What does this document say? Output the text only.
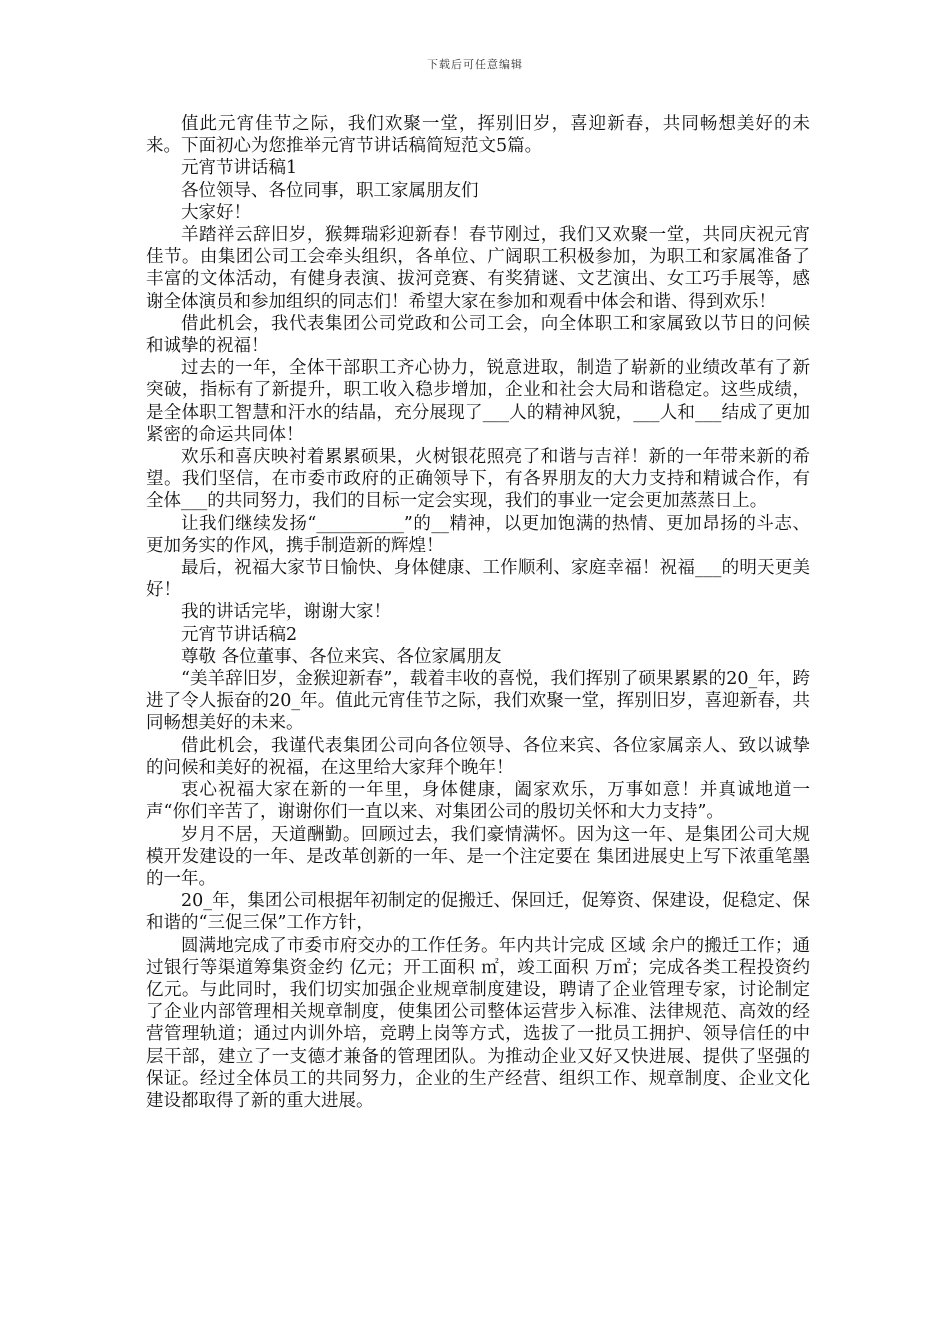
下载后可任意编辑

值此元宵佳节之际，我们欢聚一堂，挥别旧岁，喜迎新春，共同畅想美好的未来。下面初心为您推举元宵节讲话稿简短范文5篇。

元宵节讲话稿1

各位领导、各位同事，职工家属朋友们

大家好！

羊踏祥云辞旧岁，猴舞瑞彩迎新春！春节刚过，我们又欢聚一堂，共同庆祝元宵佳节。由集团公司工会牵头组织，各单位、广阔职工积极参加，为职工和家属准备了丰富的文体活动，有健身表演、拔河竞赛、有奖猜谜、文艺演出、女工巧手展等，感谢全体演员和参加组织的同志们！希望大家在参加和观看中体会和谐、得到欢乐！

借此机会，我代表集团公司党政和公司工会，向全体职工和家属致以节日的问候和诚挚的祝福！

过去的一年，全体干部职工齐心协力，锐意进取，制造了崭新的业绩改革有了新突破，指标有了新提升，职工收入稳步增加，企业和社会大局和谐稳定。这些成绩，是全体职工智慧和汗水的结晶，充分展现了___人的精神风貌，___人和___结成了更加紧密的命运共同体！

欢乐和喜庆映衬着累累硕果，火树银花照亮了和谐与吉祥！新的一年带来新的希望。我们坚信，在市委市政府的正确领导下，有各界朋友的大力支持和精诚合作，有全体___的共同努力，我们的目标一定会实现，我们的事业一定会更加蒸蒸日上。

让我们继续发扬“__________”的__精神，以更加饱满的热情、更加昂扬的斗志、更加务实的作风，携手制造新的辉煌！

最后，祝福大家节日愉快、身体健康、工作顺利、家庭幸福！祝福___的明天更美好！

我的讲话完毕，谢谢大家！

元宵节讲话稿2

尊敬 各位董事、各位来宾、各位家属朋友

“美羊辞旧岁，金猴迎新春”，载着丰收的喜悦，我们挥别了硕果累累的20_年，跨进了令人振奋的20_年。值此元宵佳节之际，我们欢聚一堂，挥别旧岁，喜迎新春，共同畅想美好的未来。

借此机会，我谨代表集团公司向各位领导、各位来宾、各位家属亲人、致以诚挚的问候和美好的祝福，在这里给大家拜个晚年！

衷心祝福大家在新的一年里，身体健康，阖家欢乐，万事如意！并真诚地道一声“你们辛苦了，谢谢你们一直以来、对集团公司的殷切关怀和大力支持”。

岁月不居，天道酬勤。回顾过去，我们豪情满怀。因为这一年、是集团公司大规模开发建设的一年、是改革创新的一年、是一个注定要在 集团进展史上写下浓重笔墨的一年。

20_年，集团公司根据年初制定的促搬迁、保回迁，促筹资、保建设，促稳定、保和谐的“三促三保”工作方针，

圆满地完成了市委市府交办的工作任务。年内共计完成 区域 余户的搬迁工作；通过银行等渠道筹集资金约 亿元；开工面积 ㎡，竣工面积 万㎡；完成各类工程投资约 亿元。与此同时，我们切实加强企业规章制度建设，聘请了企业管理专家，讨论制定了企业内部管理相关规章制度，使集团公司整体运营步入标准、法律规范、高效的经营管理轨道；通过内训外培，竞聘上岗等方式，选拔了一批员工拥护、领导信任的中层干部，建立了一支德才兼备的管理团队。为推动企业又好又快进展、提供了坚强的保证。经过全体员工的共同努力，企业的生产经营、组织工作、规章制度、企业文化建设都取得了新的重大进展。
